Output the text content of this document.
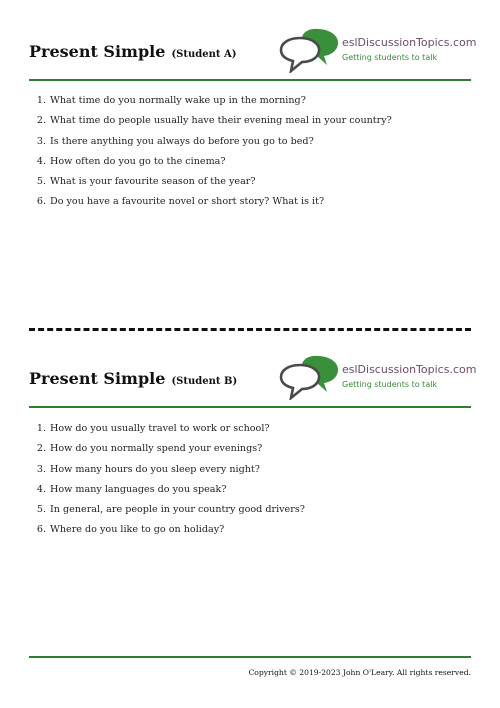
Present Simple (Student A)
eslDiscussionTopics.com
Getting students to talk
1. What time do you normally wake up in the morning?
2. What time do people usually have their evening meal in your country?
3. Is there anything you always do before you go to bed?
4. How often do you go to the cinema?
5. What is your favourite season of the year?
6. Do you have a favourite novel or short story? What is it?
Present Simple (Student B)
eslDiscussionTopics.com
Getting students to talk
1. How do you usually travel to work or school?
2. How do you normally spend your evenings?
3. How many hours do you sleep every night?
4. How many languages do you speak?
5. In general, are people in your country good drivers?
6. Where do you like to go on holiday?
Copyright © 2019-2023 John O'Leary. All rights reserved.
